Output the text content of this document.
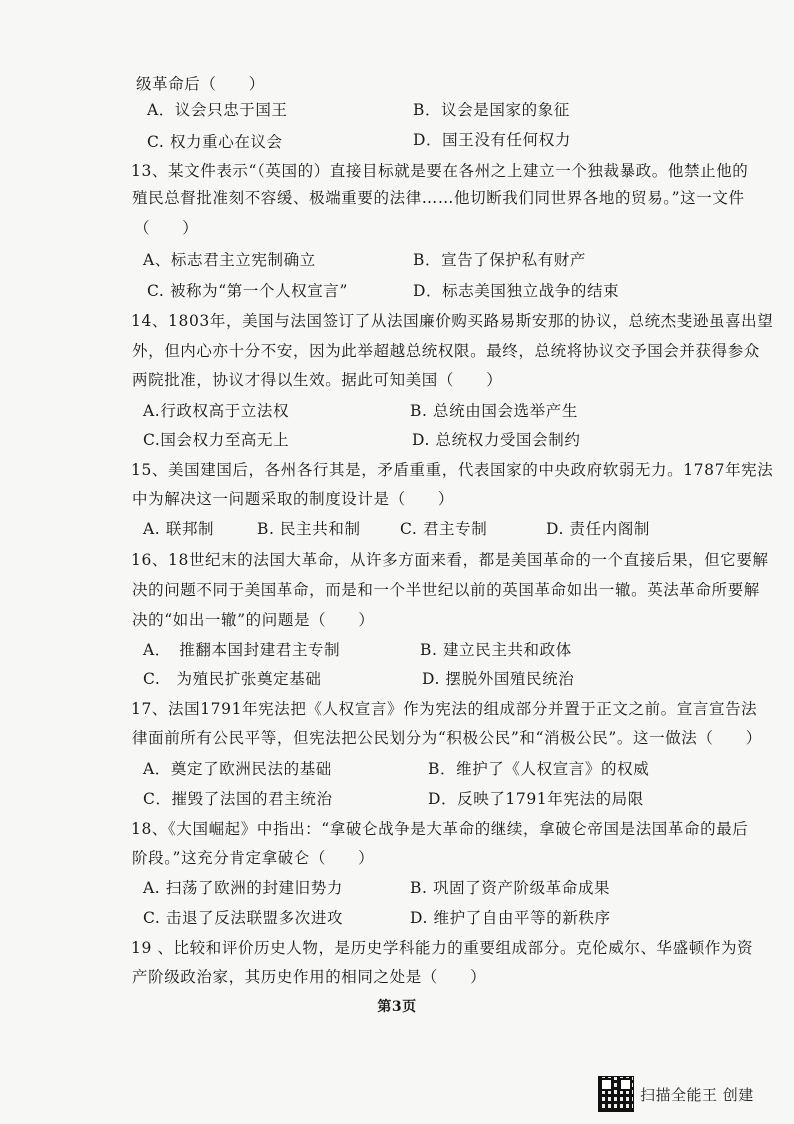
级革命后（　　）
A．议会只忠于国王	B．议会是国家的象征
C. 权力重心在议会	D．国王没有任何权力
13、某文件表示“（英国的）直接目标就是要在各州之上建立一个独裁暴政。他禁止他的
殖民总督批准刻不容缓、极端重要的法律……他切断我们同世界各地的贸易。”这一文件
（　　）
A、标志君主立宪制确立	B．宣告了保护私有财产
C. 被称为“第一个人权宣言”	D．标志美国独立战争的结束
14、1803年，美国与法国签订了从法国廉价购买路易斯安那的协议，总统杰斐逊虽喜出望
外，但内心亦十分不安，因为此举超越总统权限。最终，总统将协议交予国会并获得参众
两院批准，协议才得以生效。据此可知美国（　　）
A.行政权高于立法权	B. 总统由国会选举产生
C.国会权力至高无上	D. 总统权力受国会制约
15、美国建国后，各州各行其是，矛盾重重，代表国家的中央政府软弱无力。1787年宪法
中为解决这一问题采取的制度设计是（　　）
A. 联邦制	B. 民主共和制	C. 君主专制	D. 责任内阁制
16、18世纪末的法国大革命，从许多方面来看，都是美国革命的一个直接后果，但它要解
决的问题不同于美国革命，而是和一个半世纪以前的英国革命如出一辙。英法革命所要解
决的“如出一辙”的问题是（　　）
A．　推翻本国封建君主专制	B. 建立民主共和政体
C.　为殖民扩张奠定基础	D. 摆脱外国殖民统治
17、法国1791年宪法把《人权宣言》作为宪法的组成部分并置于正文之前。宣言宣告法
律面前所有公民平等，但宪法把公民划分为“积极公民”和“消极公民”。这一做法（　　）
A．奠定了欧洲民法的基础	B．维护了《人权宣言》的权威
C．摧毁了法国的君主统治	D．反映了1791年宪法的局限
18、《大国崛起》中指出：“拿破仑战争是大革命的继续，拿破仑帝国是法国革命的最后
阶段。”这充分肯定拿破仑（　　）
A. 扫荡了欧洲的封建旧势力	B. 巩固了资产阶级革命成果
C. 击退了反法联盟多次进攻	D. 维护了自由平等的新秩序
19 、比较和评价历史人物，是历史学科能力的重要组成部分。克伦威尔、华盛顿作为资
产阶级政治家，其历史作用的相同之处是（　　）
第3页
扫描全能王 创建
